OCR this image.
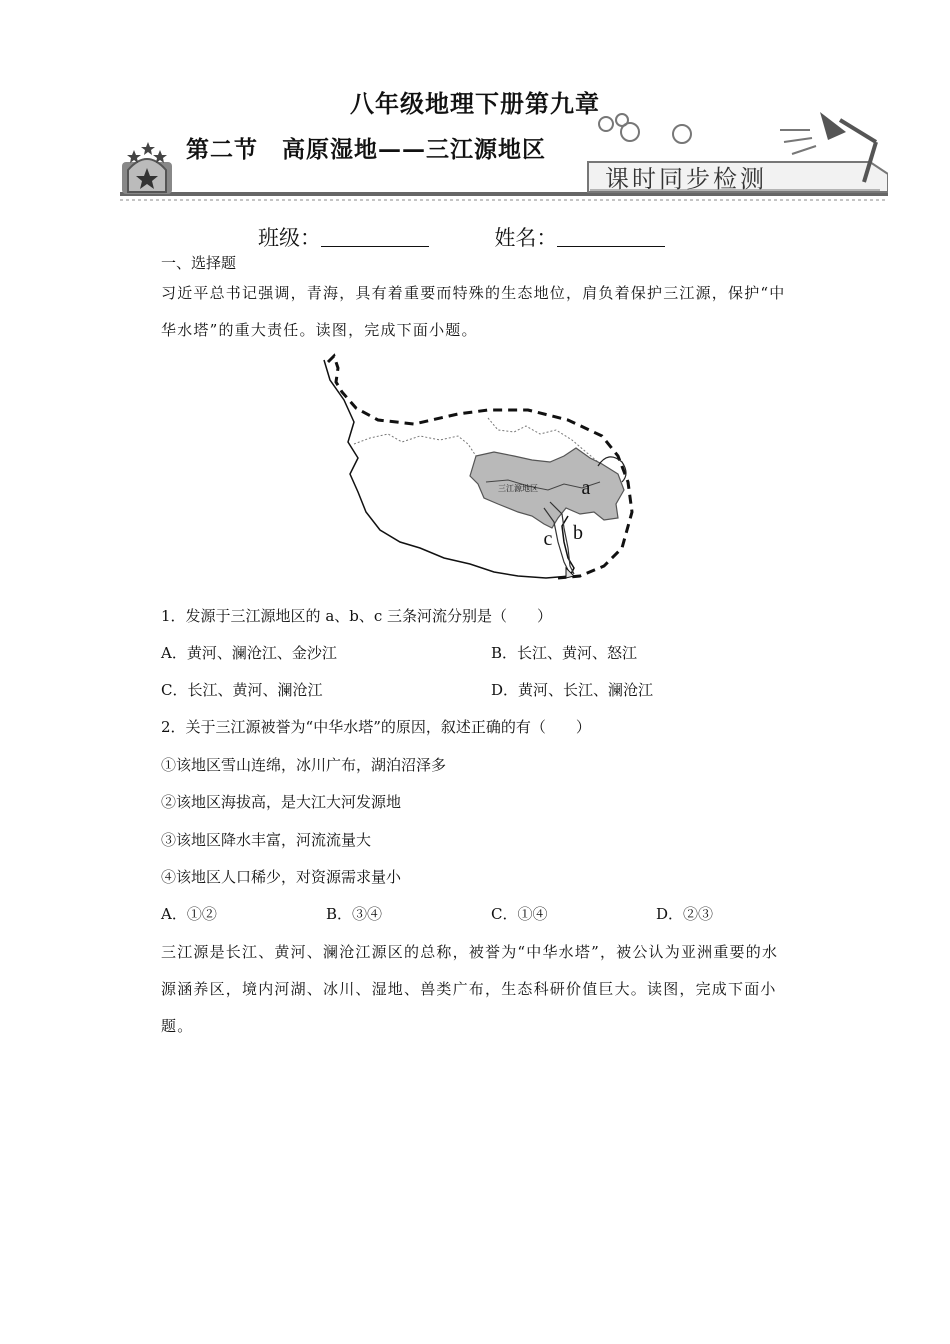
八年级地理下册第九章
第二节　高原湿地——三江源地区
课时同步检测
班级：	姓名：
一、选择题
习近平总书记强调，青海，具有着重要而特殊的生态地位，肩负着保护三江源，保护“中
华水塔”的重大责任。读图，完成下面小题。
三江源地区 a
b
c
1．发源于三江源地区的 a、b、c 三条河流分别是（　　）
A．黄河、澜沧江、金沙江	B．长江、黄河、怒江
C．长江、黄河、澜沧江	D．黄河、长江、澜沧江
2．关于三江源被誉为“中华水塔”的原因，叙述正确的有（　　）
①该地区雪山连绵，冰川广布，湖泊沼泽多
②该地区海拔高，是大江大河发源地
③该地区降水丰富，河流流量大
④该地区人口稀少，对资源需求量小
A．①②	B．③④	C．①④	D．②③
三江源是长江、黄河、澜沧江源区的总称，被誉为“中华水塔”，被公认为亚洲重要的水
源涵养区，境内河湖、冰川、湿地、兽类广布，生态科研价值巨大。读图，完成下面小
题。
